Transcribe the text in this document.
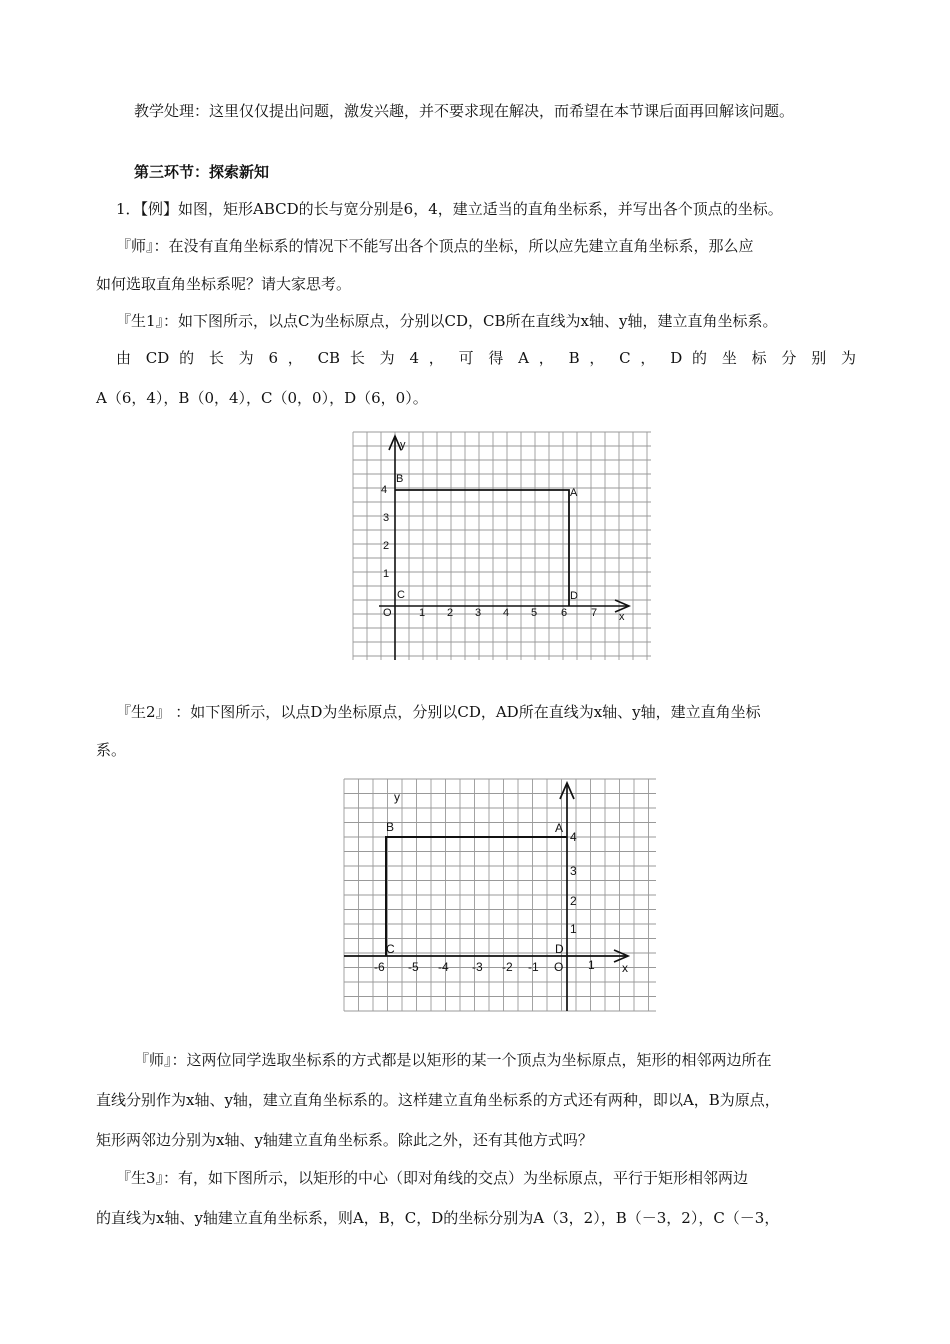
教学处理：这里仅仅提出问题，激发兴趣，并不要求现在解决，而希望在本节课后面再回解该问题。
第三环节：探索新知
1．【例】如图，矩形ABCD的长与宽分别是6，4，建立适当的直角坐标系，并写出各个顶点的坐标。
『师』：在没有直角坐标系的情况下不能写出各个顶点的坐标，所以应先建立直角坐标系，那么应
如何选取直角坐标系呢？请大家思考。
『生1』：如下图所示，以点C为坐标原点，分别以CD，CB所在直线为x轴、y轴，建立直角坐标系。
由 CD 的 长 为 6 ， CB 长 为 4 ， 可 得 A ， B ， C ， D 的 坐 标 分 别 为
A（6，4），B（0，4），C（0，0），D（6，0）。
y
x
B
A
C	D
4
3
2
1
O 1 2 3 4 5 6 7
『生2』 ：如下图所示，以点D为坐标原点，分别以CD，AD所在直线为x轴、y轴，建立直角坐标
系。
y
x
B	A
C	D
4
3
2
1
-6 -5 -4 -3 -2 -1 O 1
『师』：这两位同学选取坐标系的方式都是以矩形的某一个顶点为坐标原点，矩形的相邻两边所在
直线分别作为x轴、y轴，建立直角坐标系的。这样建立直角坐标系的方式还有两种，即以A，B为原点，
矩形两邻边分别为x轴、y轴建立直角坐标系。除此之外，还有其他方式吗？
『生3』：有，如下图所示，以矩形的中心（即对角线的交点）为坐标原点，平行于矩形相邻两边
的直线为x轴、y轴建立直角坐标系，则A，B，C，D的坐标分别为A（3，2），B（－3，2），C（－3，
